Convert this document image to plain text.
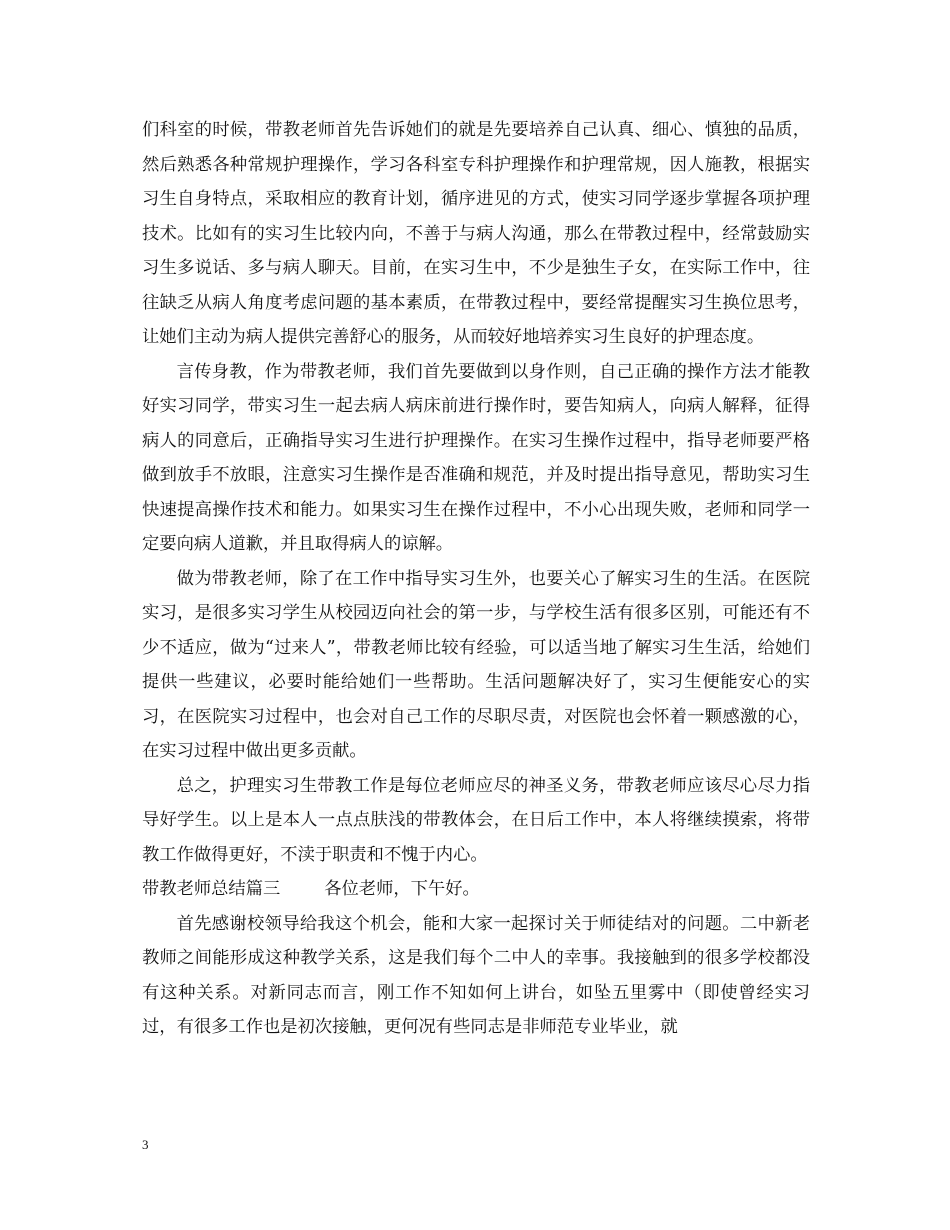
们科室的时候，带教老师首先告诉她们的就是先要培养自己认真、细心、慎独的品质，然后熟悉各种常规护理操作，学习各科室专科护理操作和护理常规，因人施教，根据实习生自身特点，采取相应的教育计划，循序进见的方式，使实习同学逐步掌握各项护理技术。比如有的实习生比较内向，不善于与病人沟通，那么在带教过程中，经常鼓励实习生多说话、多与病人聊天。目前，在实习生中，不少是独生子女，在实际工作中，往往缺乏从病人角度考虑问题的基本素质，在带教过程中，要经常提醒实习生换位思考，让她们主动为病人提供完善舒心的服务，从而较好地培养实习生良好的护理态度。

言传身教，作为带教老师，我们首先要做到以身作则，自己正确的操作方法才能教好实习同学，带实习生一起去病人病床前进行操作时，要告知病人，向病人解释，征得病人的同意后，正确指导实习生进行护理操作。在实习生操作过程中，指导老师要严格做到放手不放眼，注意实习生操作是否准确和规范，并及时提出指导意见，帮助实习生快速提高操作技术和能力。如果实习生在操作过程中，不小心出现失败，老师和同学一定要向病人道歉，并且取得病人的谅解。

做为带教老师，除了在工作中指导实习生外，也要关心了解实习生的生活。在医院实习，是很多实习学生从校园迈向社会的第一步，与学校生活有很多区别，可能还有不少不适应，做为“过来人”，带教老师比较有经验，可以适当地了解实习生生活，给她们提供一些建议，必要时能给她们一些帮助。生活问题解决好了，实习生便能安心的实习，在医院实习过程中，也会对自己工作的尽职尽责，对医院也会怀着一颗感激的心，在实习过程中做出更多贡献。

总之，护理实习生带教工作是每位老师应尽的神圣义务，带教老师应该尽心尽力指导好学生。以上是本人一点点肤浅的带教体会，在日后工作中，本人将继续摸索，将带教工作做得更好，不渎于职责和不愧于内心。

带教老师总结篇三	各位老师，下午好。

首先感谢校领导给我这个机会，能和大家一起探讨关于师徒结对的问题。二中新老教师之间能形成这种教学关系，这是我们每个二中人的幸事。我接触到的很多学校都没有这种关系。对新同志而言，刚工作不知如何上讲台，如坠五里雾中（即使曾经实习过，有很多工作也是初次接触，更何况有些同志是非师范专业毕业，就

3
